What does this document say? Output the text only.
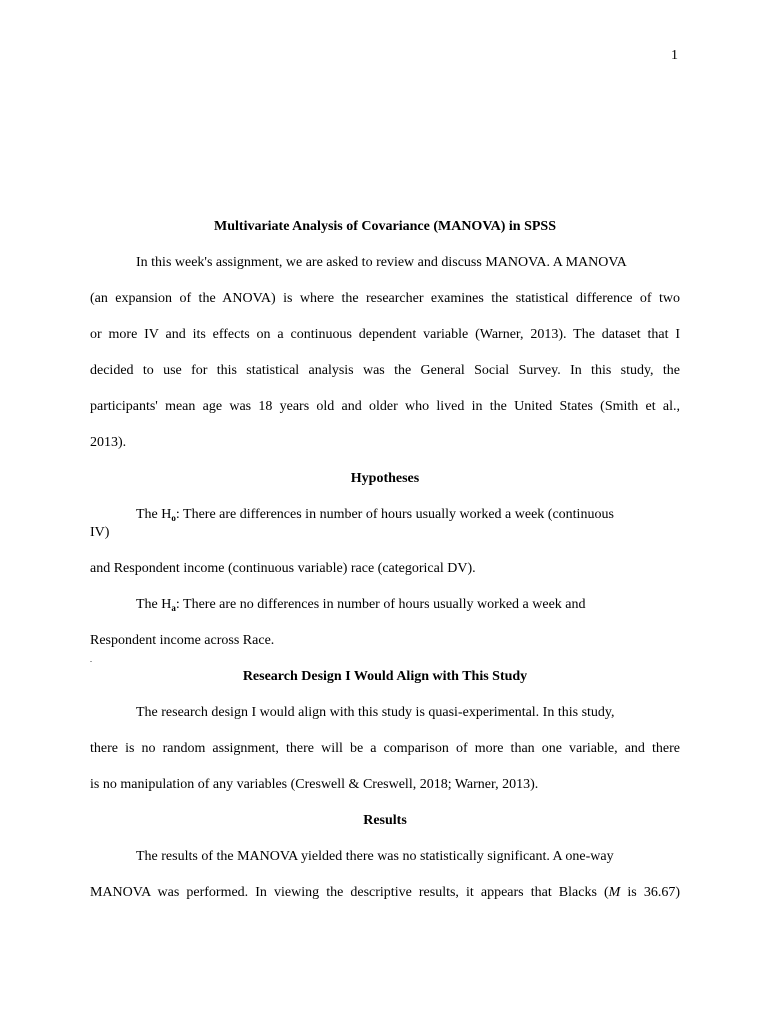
1
Multivariate Analysis of Covariance (MANOVA) in SPSS
In this week's assignment, we are asked to review and discuss MANOVA. A MANOVA
(an expansion of the ANOVA) is where the researcher examines the statistical difference of two
or more IV and its effects on a continuous dependent variable (Warner, 2013). The dataset that I
decided to use for this statistical analysis was the General Social Survey. In this study, the
participants' mean age was 18 years old and older who lived in the United States (Smith et al.,
2013).
Hypotheses
The $H_o$: There are differences in number of hours usually worked a week (continuous
IV)
and Respondent income (continuous variable) race (categorical DV).
The $H_a$: There are no differences in number of hours usually worked a week and
Respondent income across Race.
.
Research Design I Would Align with This Study
The research design I would align with this study is quasi-experimental. In this study,
there is no random assignment, there will be a comparison of more than one variable, and there
is no manipulation of any variables (Creswell & Creswell, 2018; Warner, 2013).
Results
The results of the MANOVA yielded there was no statistically significant. A one-way
MANOVA was performed. In viewing the descriptive results, it appears that Blacks (M is 36.67)
